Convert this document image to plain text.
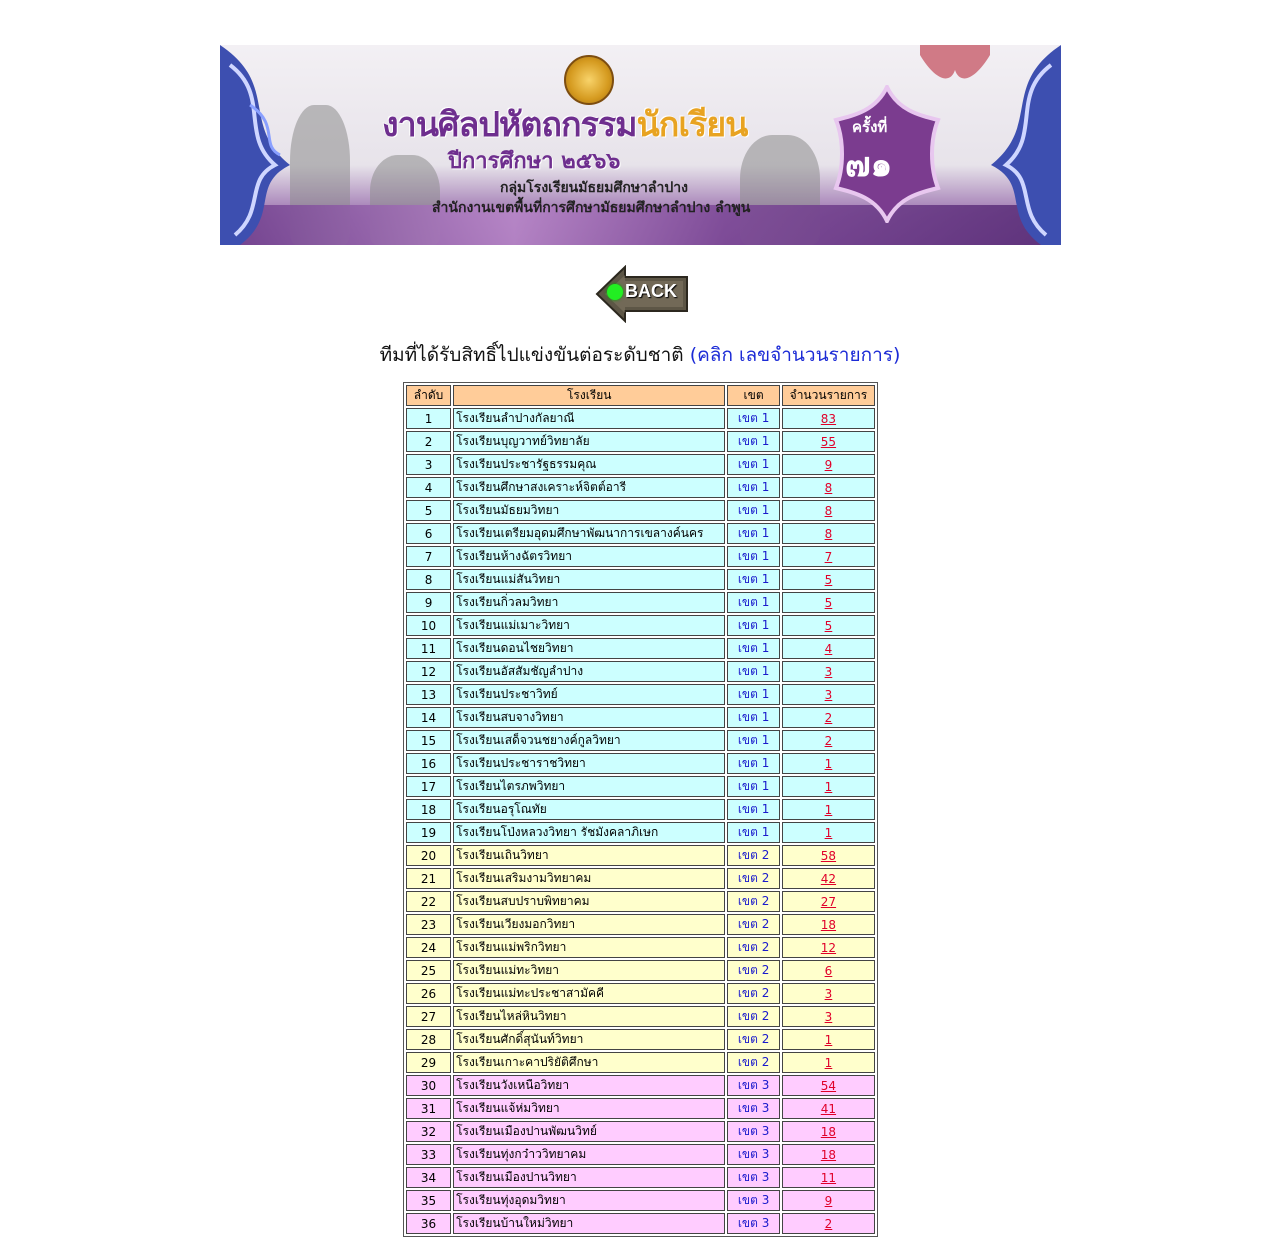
งานศิลปหัตถกรรมนักเรียน
ปีการศึกษา ๒๕๖๖
กลุ่มโรงเรียนมัธยมศึกษาลำปาง
สำนักงานเขตพื้นที่การศึกษามัธยมศึกษาลำปาง ลำพูน
ครั้งที่
๗๑
BACK
ทีมที่ได้รับสิทธิ์ไปแข่งขันต่อระดับชาติ (คลิก เลขจำนวนรายการ)
ลำดับ	โรงเรียน	เขต	จำนวนรายการ
1	โรงเรียนลำปางกัลยาณี	เขต 1	83
2	โรงเรียนบุญวาทย์วิทยาลัย	เขต 1	55
3	โรงเรียนประชารัฐธรรมคุณ	เขต 1	9
4	โรงเรียนศึกษาสงเคราะห์จิตต์อารี	เขต 1	8
5	โรงเรียนมัธยมวิทยา	เขต 1	8
6	โรงเรียนเตรียมอุดมศึกษาพัฒนาการเขลางค์นคร	เขต 1	8
7	โรงเรียนห้างฉัตรวิทยา	เขต 1	7
8	โรงเรียนแม่สันวิทยา	เขต 1	5
9	โรงเรียนกิ่วลมวิทยา	เขต 1	5
10	โรงเรียนแม่เมาะวิทยา	เขต 1	5
11	โรงเรียนดอนไชยวิทยา	เขต 1	4
12	โรงเรียนอัสสัมชัญลำปาง	เขต 1	3
13	โรงเรียนประชาวิทย์	เขต 1	3
14	โรงเรียนสบจางวิทยา	เขต 1	2
15	โรงเรียนเสด็จวนชยางค์กูลวิทยา	เขต 1	2
16	โรงเรียนประชาราชวิทยา	เขต 1	1
17	โรงเรียนไตรภพวิทยา	เขต 1	1
18	โรงเรียนอรุโณทัย	เขต 1	1
19	โรงเรียนโป่งหลวงวิทยา รัชมังคลาภิเษก	เขต 1	1
20	โรงเรียนเถินวิทยา	เขต 2	58
21	โรงเรียนเสริมงามวิทยาคม	เขต 2	42
22	โรงเรียนสบปราบพิทยาคม	เขต 2	27
23	โรงเรียนเวียงมอกวิทยา	เขต 2	18
24	โรงเรียนแม่พริกวิทยา	เขต 2	12
25	โรงเรียนแม่ทะวิทยา	เขต 2	6
26	โรงเรียนแม่ทะประชาสามัคคี	เขต 2	3
27	โรงเรียนไหล่หินวิทยา	เขต 2	3
28	โรงเรียนศักดิ์สุนันท์วิทยา	เขต 2	1
29	โรงเรียนเกาะคาปริยัติศึกษา	เขต 2	1
30	โรงเรียนวังเหนือวิทยา	เขต 3	54
31	โรงเรียนแจ้ห่มวิทยา	เขต 3	41
32	โรงเรียนเมืองปานพัฒนวิทย์	เขต 3	18
33	โรงเรียนทุ่งกว๋าววิทยาคม	เขต 3	18
34	โรงเรียนเมืองปานวิทยา	เขต 3	11
35	โรงเรียนทุ่งอุดมวิทยา	เขต 3	9
36	โรงเรียนบ้านใหม่วิทยา	เขต 3	2
